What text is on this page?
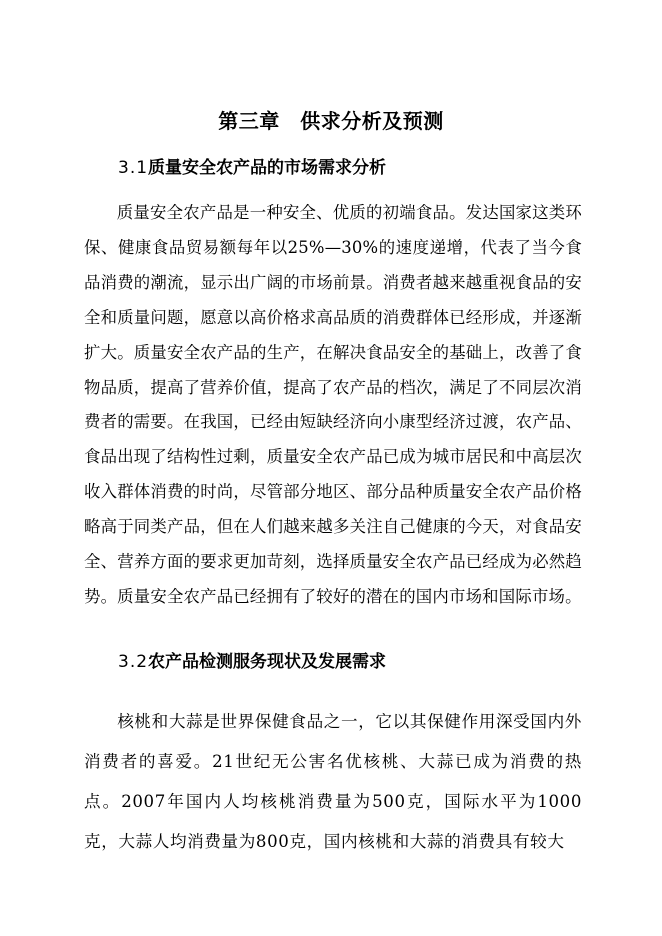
第三章　供求分析及预测
3.1质量安全农产品的市场需求分析

质量安全农产品是一种安全、优质的初端食品。发达国家这类环保、健康食品贸易额每年以25%—30%的速度递增，代表了当今食品消费的潮流，显示出广阔的市场前景。消费者越来越重视食品的安全和质量问题，愿意以高价格求高品质的消费群体已经形成，并逐渐扩大。质量安全农产品的生产，在解决食品安全的基础上，改善了食物品质，提高了营养价值，提高了农产品的档次，满足了不同层次消费者的需要。在我国，已经由短缺经济向小康型经济过渡，农产品、食品出现了结构性过剩，质量安全农产品已成为城市居民和中高层次收入群体消费的时尚，尽管部分地区、部分品种质量安全农产品价格略高于同类产品，但在人们越来越多关注自己健康的今天，对食品安全、营养方面的要求更加苛刻，选择质量安全农产品已经成为必然趋势。质量安全农产品已经拥有了较好的潜在的国内市场和国际市场。

3.2农产品检测服务现状及发展需求

核桃和大蒜是世界保健食品之一，它以其保健作用深受国内外消费者的喜爱。21世纪无公害名优核桃、大蒜已成为消费的热点。2007年国内人均核桃消费量为500克，国际水平为1000克，大蒜人均消费量为800克，国内核桃和大蒜的消费具有较大
